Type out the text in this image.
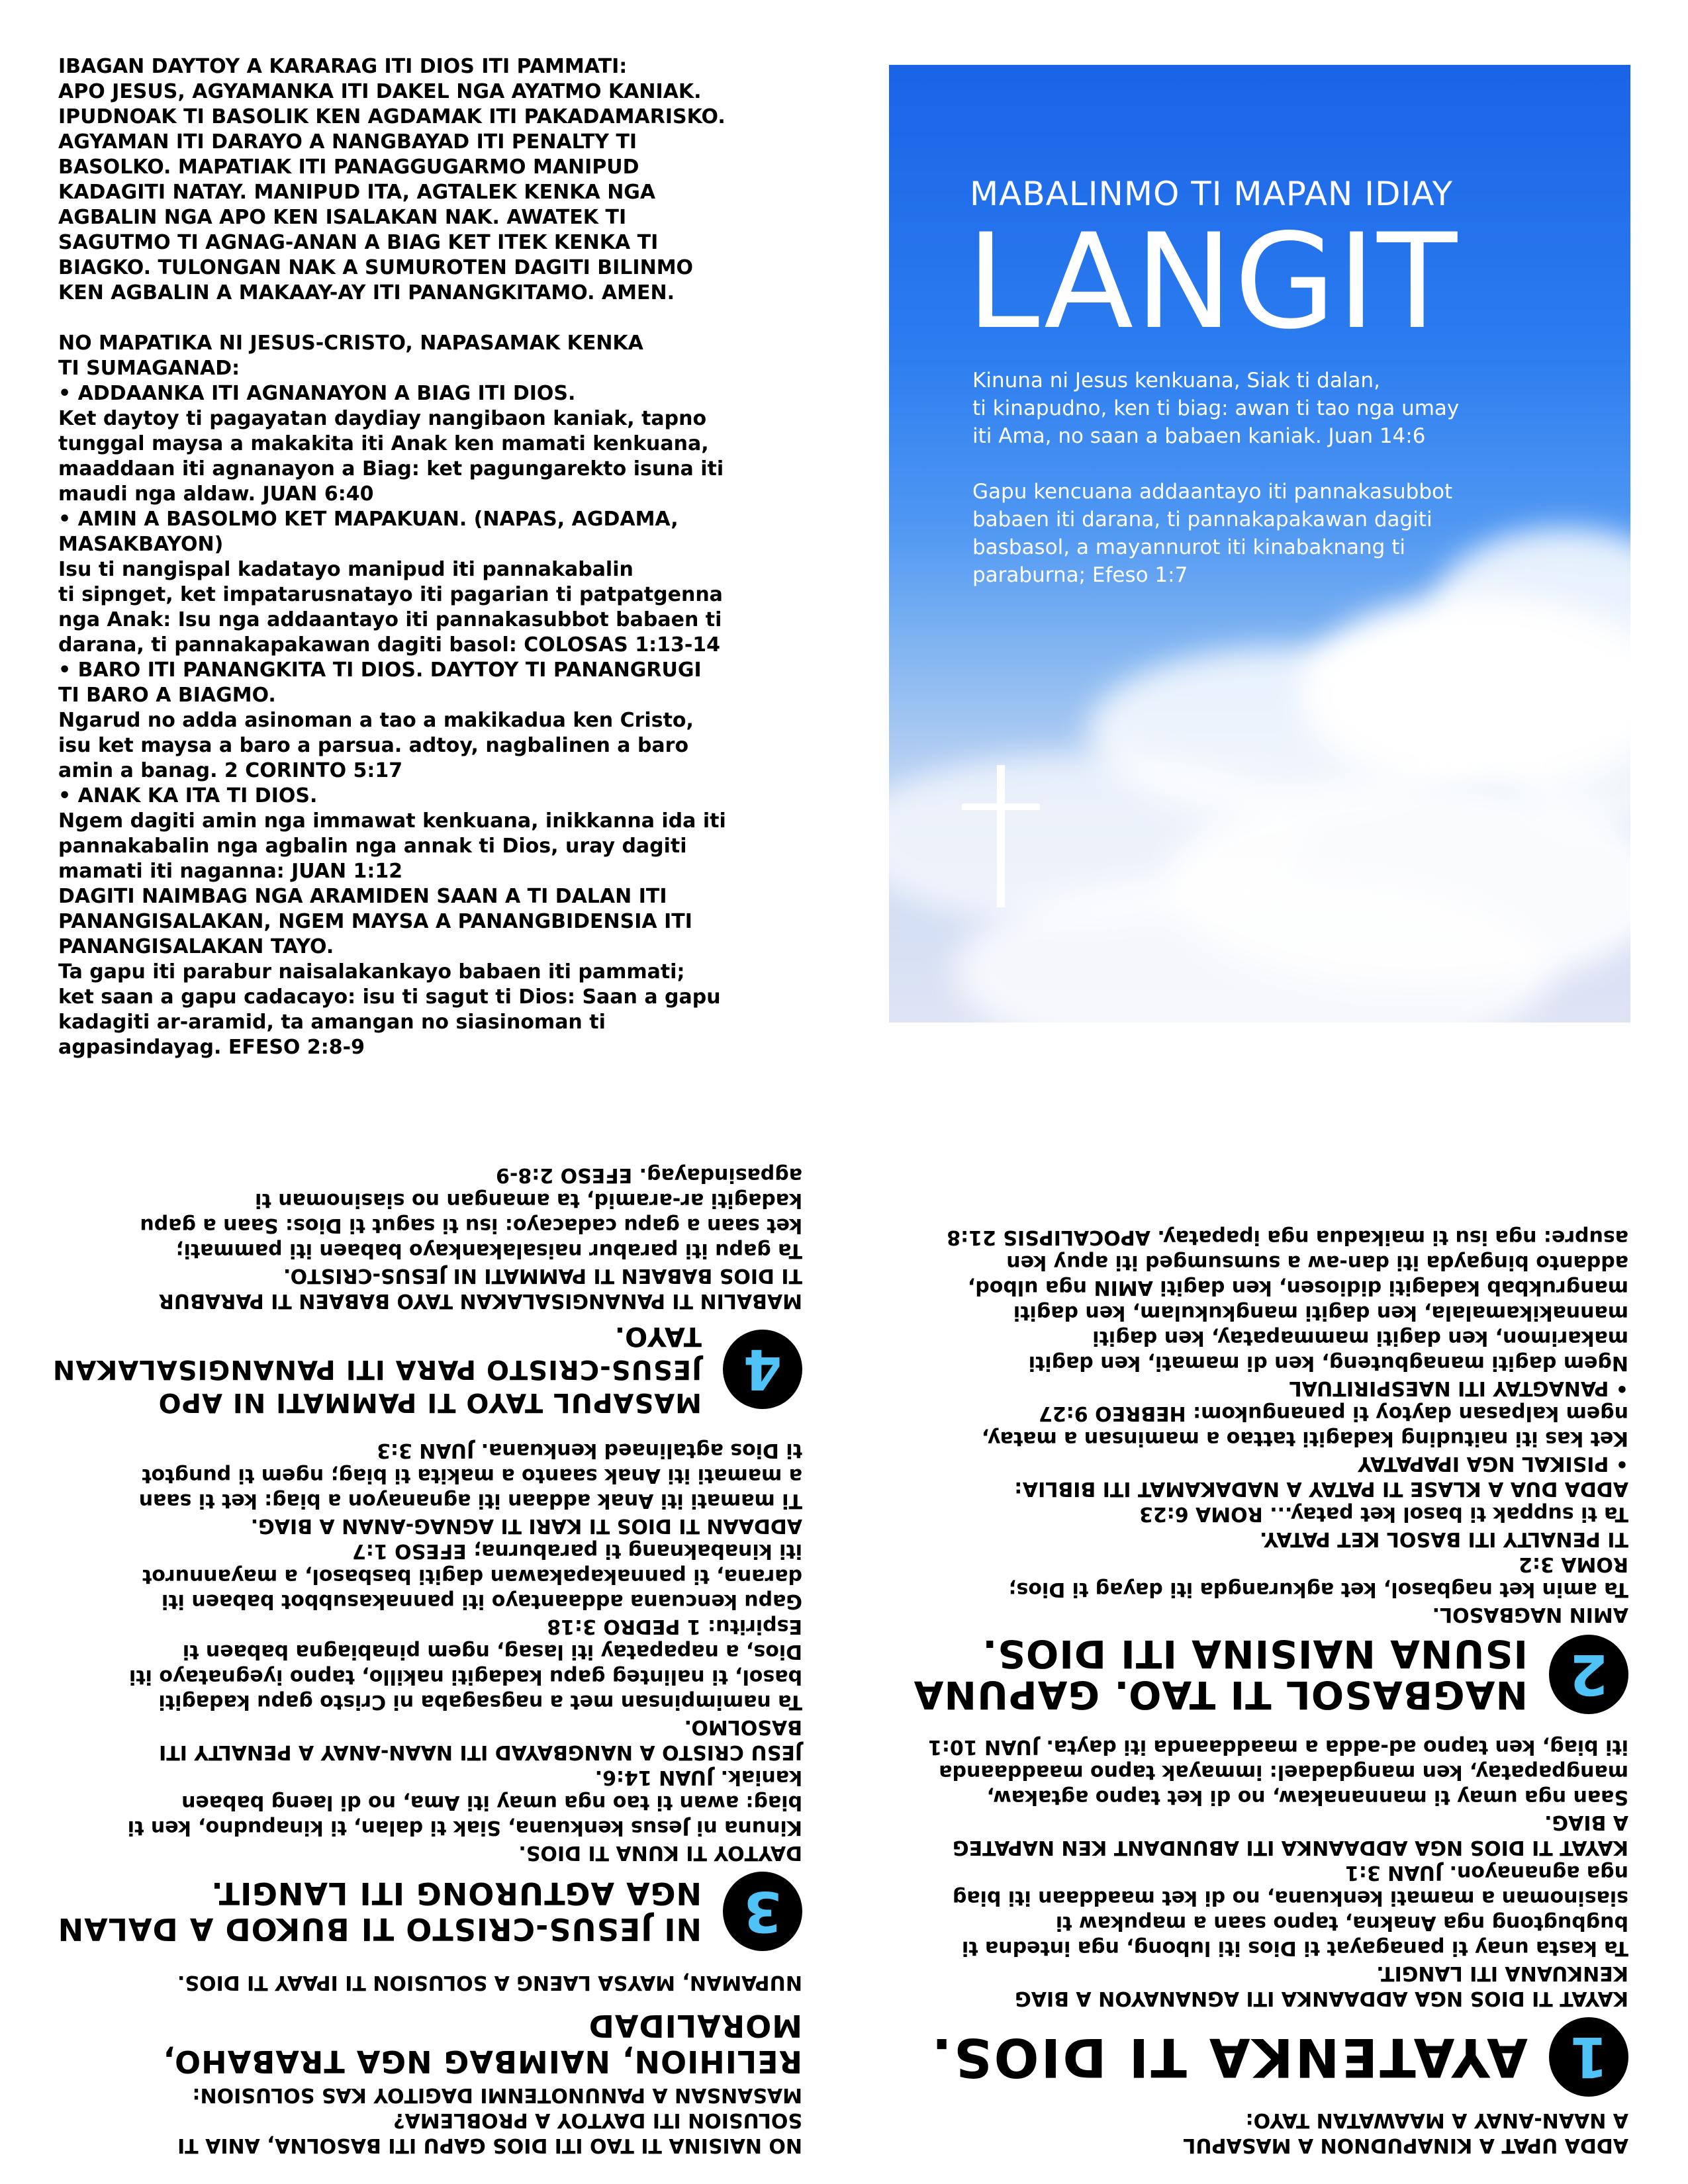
IBAGAN DAYTOY A KARARAG ITI DIOS ITI PAMMATI:
APO JESUS, AGYAMANKA ITI DAKEL NGA AYATMO KANIAK.
IPUDNOAK TI BASOLIK KEN AGDAMAK ITI PAKADAMARISKO.
AGYAMAN ITI DARAYO A NANGBAYAD ITI PENALTY TI
BASOLKO. MAPATIAK ITI PANAGGUGARMO MANIPUD
KADAGITI NATAY. MANIPUD ITA, AGTALEK KENKA NGA
AGBALIN NGA APO KEN ISALAKAN NAK. AWATEK TI
SAGUTMO TI AGNAG-ANAN A BIAG KET ITEK KENKA TI
BIAGKO. TULONGAN NAK A SUMUROTEN DAGITI BILINMO
KEN AGBALIN A MAKAAY-AY ITI PANANGKITAMO. AMEN.

NO MAPATIKA NI JESUS-CRISTO, NAPASAMAK KENKA
TI SUMAGANAD:
• ADDAANKA ITI AGNANAYON A BIAG ITI DIOS.
Ket daytoy ti pagayatan daydiay nangibaon kaniak, tapno
tunggal maysa a makakita iti Anak ken mamati kenkuana,
maaddaan iti agnanayon a Biag: ket pagungarekto isuna iti
maudi nga aldaw. JUAN 6:40
• AMIN A BASOLMO KET MAPAKUAN. (NAPAS, AGDAMA,
MASAKBAYON)
Isu ti nangispal kadatayo manipud iti pannakabalin
ti sipnget, ket impatarusnatayo iti pagarian ti patpatgenna
nga Anak: Isu nga addaantayo iti pannakasubbot babaen ti
darana, ti pannakapakawan dagiti basol: COLOSAS 1:13-14
• BARO ITI PANANGKITA TI DIOS. DAYTOY TI PANANGRUGI
TI BARO A BIAGMO.
Ngarud no adda asinoman a tao a makikadua ken Cristo,
isu ket maysa a baro a parsua. adtoy, nagbalinen a baro
amin a banag. 2 CORINTO 5:17
• ANAK KA ITA TI DIOS.
Ngem dagiti amin nga immawat kenkuana, inikkanna ida iti
pannakabalin nga agbalin nga annak ti Dios, uray dagiti
mamati iti naganna: JUAN 1:12
DAGITI NAIMBAG NGA ARAMIDEN SAAN A TI DALAN ITI
PANANGISALAKAN, NGEM MAYSA A PANANGBIDENSIA ITI
PANANGISALAKAN TAYO.
Ta gapu iti parabur naisalakankayo babaen iti pammati;
ket saan a gapu cadacayo: isu ti sagut ti Dios: Saan a gapu
kadagiti ar-aramid, ta amangan no siasinoman ti
agpasindayag. EFESO 2:8-9

MABALINMO TI MAPAN IDIAY
LANGIT
Kinuna ni Jesus kenkuana, Siak ti dalan,
ti kinapudno, ken ti biag: awan ti tao nga umay
iti Ama, no saan a babaen kaniak. Juan 14:6
Gapu kencuana addaantayo iti pannakasubbot
babaen iti darana, ti pannakapakawan dagiti
basbasol, a mayannurot iti kinabaknang ti
paraburna; Efeso 1:7

ADDA UPAT A KINAPUDNON A MASAPUL
A NAAN-ANAY A MAAWATAN TAYO:

1
AYATENKA TI DIOS.

KAYAT TI DIOS NGA ADDAANKA ITI AGNANAYON A BIAG
KENKUANA ITI LANGIT.
Ta kasta unay ti panagayat ti Dios iti lubong, nga intedna ti
bugbugtong nga Anakna, tapno saan a mapukaw ti
siasinoman a mamati kenkuana, no di ket maaddaan iti biag
nga agnanayon. JUAN 3:1
KAYAT TI DIOS NGA ADDAANKA ITI ABUNDANT KEN NAPATEG
A BIAG.
Saan nga umay ti mannanakaw, no di ket tapno agtakaw,
mangpapatay, ken mangdadael: immayak tapno maaddaanda
iti biag, ken tapno ad-adda a maaddaanda iti dayta. JUAN 10:1

2
NAGBASOL TI TAO. GAPUNA
ISUNA NAISINA ITI DIOS.

AMIN NAGBASOL.
Ta amin ket nagbasol, ket agkurangda iti dayag ti Dios;
ROMA 3:2
TI PENALTY ITI BASOL KET PATAY.
Ta ti suppak ti basol ket patay... ROMA 6:23
ADDA DUA A KLASE TI PATAY A NADAKAMAT ITI BIBLIA:
• PISIKAL NGA IPAPATAY
Ket kas iti naituding kadagiti tattao a maminsan a matay,
ngem kalpasan daytoy ti panangukom: HEBREO 9:27
• PANAGTAY ITI NAESPIRITUAL
Ngem dagiti managbuteng, ken di mamati, ken dagiti
makarimon, ken dagiti mammapatay, ken dagiti
mannakikamalala, ken dagiti mangkukulam, ken dagiti
mangrukbab kadagiti didiosen, ken dagiti AMIN nga ulbod,
addanto bingayda iti dan-aw a sumsumged iti apuy ken
asupre: nga isu ti maikadua nga ipapatay. APOCALIPSIS 21:8

NO NAISINA TI TAO ITI DIOS GAPU ITI BASOLNA, ANIA TI
SOLUSION ITI DAYTOY A PROBLEMA?
MASANSAN A PANUNOTENMI DAGITOY KAS SOLUSION:

RELIHION, NAIMBAG NGA TRABAHO, MORALIDAD

NUPAMAN, MAYSA LAENG A SOLUSION TI IPAAY TI DIOS.

3
NI JESUS-CRISTO TI BUKOD A DALAN
NGA AGTURONG ITI LANGIT.

DAYTOY TI KUNA TI DIOS.
Kinuna ni Jesus kenkuana, Siak ti dalan, ti kinapudno, ken ti
biag: awan ti tao nga umay iti Ama, no di laeng babaen
kaniak. JUAN 14:6.
JESU CRISTO A NANGBAYAD ITI NAAN-ANAY A PENALTY ITI
BASOLMO.
Ta namimpinsan met a nagsagaba ni Cristo gapu kadagiti
basol, ti nalinteg gapu kadagiti nakillo, tapno iyegnatayo iti
Dios, a napapatay iti lasag, ngem pinabiagna babaen ti
Espiritu: 1 PEDRO 3:18
Gapu kencuana addaantayo iti pannakasubbot babaen iti
darana, ti pannakapakawan dagiti basbasol, a mayannurot
iti kinabaknang ti paraburna; EFESO 1:7
ADDAAN TI DIOS TI KARI TI AGNAG-ANAN A BIAG.
Ti mamati iti Anak addaan iti agnanayon a biag: ket ti saan
a mamati iti Anak saanto a makita ti biag; ngem ti pungtot
ti Dios agtalinaed kenkuana. JUAN 3:3

4
MASAPUL TAYO TI PAMMATI NI APO
JESUS-CRISTO PARA ITI PANANGISALAKAN TAYO.

MABALIN TI PANANGISALAKAN TAYO BABAEN TI PARABUR
TI DIOS BABAEN TI PAMMATI NI JESUS-CRISTO.
Ta gapu iti parabur naisalakankayo babaen iti pammati;
ket saan a gapu cadacayo: isu ti sagut ti Dios: Saan a gapu
kadagiti ar-aramid, ta amangan no siasinoman ti
agpasindayag. EFESO 2:8-9
